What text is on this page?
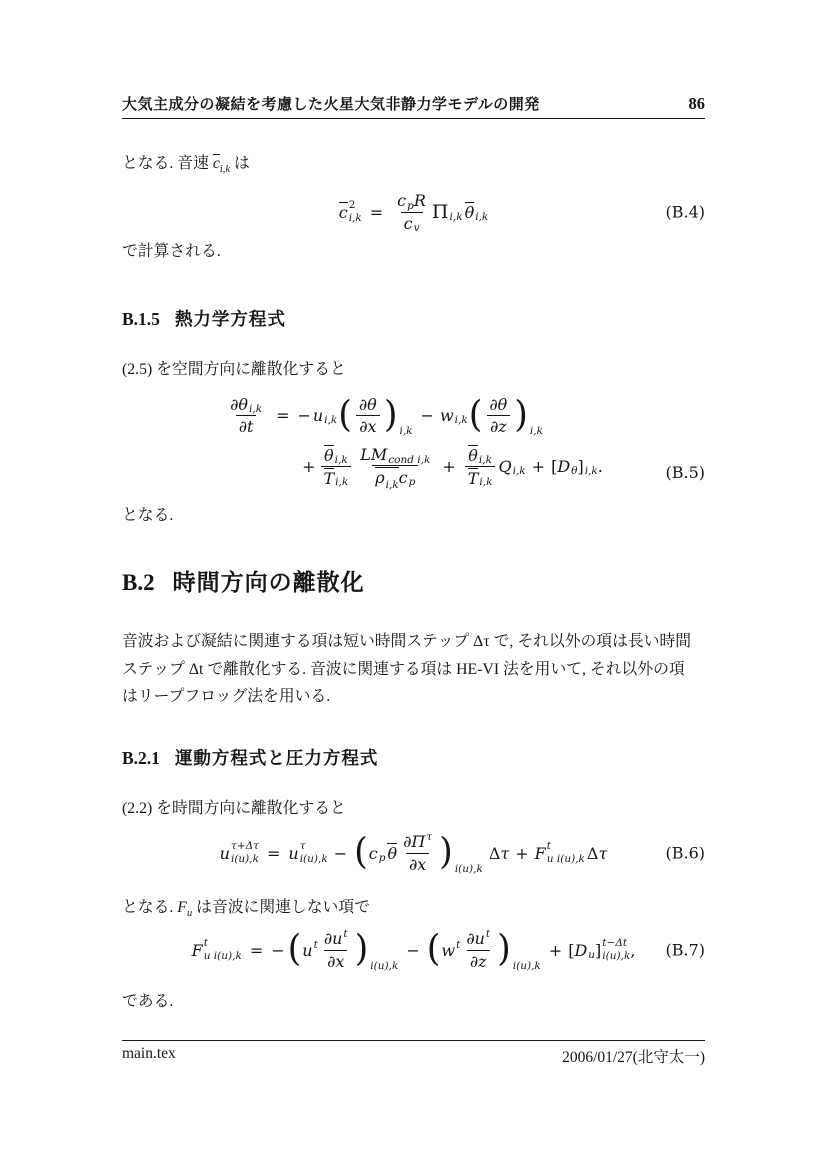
大気主成分の凝結を考慮した火星大気非静力学モデルの開発	86
となる. 音速 $c_{i,k}$ は
c 2
$i,k = \frac{\text{c p R}}{\text{c v}}$ Π i,k θ i,k	(B.4)
で計算される.
B.1.5 熱力学方程式
(2.5) を空間方向に離散化すると
$\frac{\text{∂θ i,k}}{\partial t}$ = − u i,k ( $\frac{\partial\theta}{\partial x}$ ) i,k
− w i,k ( $\frac{\partial\theta}{\partial z}$ ) i,k
+ $\frac{\text{θ i,k}}{\text{T i,k}} \frac{\text{L M cond i,k}}{\text{ρi,k c p}} + \frac{\text{θ i,k}}{\text{T i,k}}$ Q i,k + [ D θ ] i,k .	(B.5)
となる.
B.2 時間方向の離散化
音波および凝結に関連する項は短い時間ステップ Δτ で, それ以外の項は長い時間
ステップ Δt で離散化する. 音波に関連する項は HE-VI 法を用いて, それ以外の項
はリープフロッグ法を用いる.
B.2.1 運動方程式と圧力方程式
(2.2) を時間方向に離散化すると
u τ+Δτ
i(u),k = u τ
i(u),k − ( c p θ $\frac{\text{∂Π τ}}{\partial x}$ ) i(u),k
Δ τ + F t
u i(u),k Δ τ	(B.6)
となる. $F_u$ は音波に関連しない項で
F t
u i(u),k = − ( u t $\frac{\text{∂u t}}{\partial x}$ ) i(u),k
− ( w t $\frac{\text{∂u t}}{\partial z}$ ) i(u),k
+ [ D u ] t−Δt
i(u),k , (B.7)
である.
main.tex	2006/01/27(北守太一)
